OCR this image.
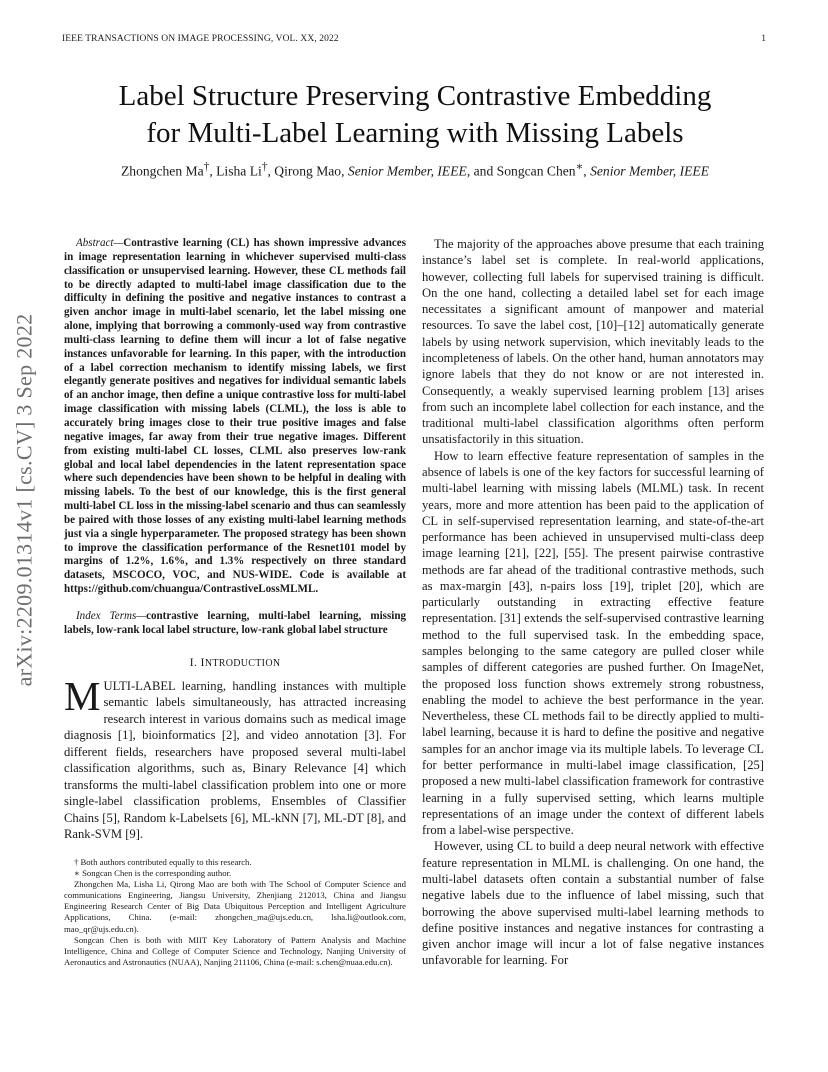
IEEE TRANSACTIONS ON IMAGE PROCESSING, VOL. XX, 2022	1
arXiv:2209.01314v1 [cs.CV] 3 Sep 2022
Label Structure Preserving Contrastive Embedding
for Multi-Label Learning with Missing Labels
Zhongchen Ma†, Lisha Li†, Qirong Mao, Senior Member, IEEE, and Songcan Chen∗, Senior Member, IEEE

Abstract—Contrastive learning (CL) has shown impressive advances in image representation learning in whichever supervised multi-class classification or unsupervised learning. However, these CL methods fail to be directly adapted to multi-label image classification due to the difficulty in defining the positive and negative instances to contrast a given anchor image in multi-label scenario, let the label missing one alone, implying that borrowing a commonly-used way from contrastive multi-class learning to define them will incur a lot of false negative instances unfavorable for learning. In this paper, with the introduction of a label correction mechanism to identify missing labels, we first elegantly generate positives and negatives for individual semantic labels of an anchor image, then define a unique contrastive loss for multi-label image classification with missing labels (CLML), the loss is able to accurately bring images close to their true positive images and false negative images, far away from their true negative images. Different from existing multi-label CL losses, CLML also preserves low-rank global and local label dependencies in the latent representation space where such dependencies have been shown to be helpful in dealing with missing labels. To the best of our knowledge, this is the first general multi-label CL loss in the missing-label scenario and thus can seamlessly be paired with those losses of any existing multi-label learning methods just via a single hyperparameter. The proposed strategy has been shown to improve the classification performance of the Resnet101 model by margins of 1.2%, 1.6%, and 1.3% respectively on three standard datasets, MSCOCO, VOC, and NUS-WIDE. Code is available at https://github.com/chuangua/ContrastiveLossMLML.

Index Terms—contrastive learning, multi-label learning, missing labels, low-rank local label structure, low-rank global label structure

I. INTRODUCTION

MULTI-LABEL learning, handling instances with multiple semantic labels simultaneously, has attracted increasing research interest in various domains such as medical image diagnosis [1], bioinformatics [2], and video annotation [3]. For different fields, researchers have proposed several multi-label classification algorithms, such as, Binary Relevance [4] which transforms the multi-label classification problem into one or more single-label classification problems, Ensembles of Classifier Chains [5], Random k-Labelsets [6], ML-kNN [7], ML-DT [8], and Rank-SVM [9].

† Both authors contributed equally to this research.

∗ Songcan Chen is the corresponding author.

Zhongchen Ma, Lisha Li, Qirong Mao are both with The School of Computer Science and communications Engineering, Jiangsu University, Zhenjiang 212013, China and Jiangsu Engineering Research Center of Big Data Ubiquitous Perception and Intelligent Agriculture Applications, China. (e-mail: zhongchen_ma@ujs.edu.cn, lsha.li@outlook.com, mao_qr@ujs.edu.cn).

Songcan Chen is both with MIIT Key Laboratory of Pattern Analysis and Machine Intelligence, China and College of Computer Science and Technology, Nanjing University of Aeronautics and Astronautics (NUAA), Nanjing 211106, China (e-mail: s.chen@nuaa.edu.cn).

The majority of the approaches above presume that each training instance’s label set is complete. In real-world applications, however, collecting full labels for supervised training is difficult. On the one hand, collecting a detailed label set for each image necessitates a significant amount of manpower and material resources. To save the label cost, [10]–[12] automatically generate labels by using network supervision, which inevitably leads to the incompleteness of labels. On the other hand, human annotators may ignore labels that they do not know or are not interested in. Consequently, a weakly supervised learning problem [13] arises from such an incomplete label collection for each instance, and the traditional multi-label classification algorithms often perform unsatisfactorily in this situation.

How to learn effective feature representation of samples in the absence of labels is one of the key factors for successful learning of multi-label learning with missing labels (MLML) task. In recent years, more and more attention has been paid to the application of CL in self-supervised representation learning, and state-of-the-art performance has been achieved in unsupervised multi-class deep image learning [21], [22], [55]. The present pairwise contrastive methods are far ahead of the traditional contrastive methods, such as max-margin [43], n-pairs loss [19], triplet [20], which are particularly outstanding in extracting effective feature representation. [31] extends the self-supervised contrastive learning method to the full supervised task. In the embedding space, samples belonging to the same category are pulled closer while samples of different categories are pushed further. On ImageNet, the proposed loss function shows extremely strong robustness, enabling the model to achieve the best performance in the year. Nevertheless, these CL methods fail to be directly applied to multi-label learning, because it is hard to define the positive and negative samples for an anchor image via its multiple labels. To leverage CL for better performance in multi-label image classification, [25] proposed a new multi-label classification framework for contrastive learning in a fully supervised setting, which learns multiple representations of an image under the context of different labels from a label-wise perspective.

However, using CL to build a deep neural network with effective feature representation in MLML is challenging. On one hand, the multi-label datasets often contain a substantial number of false negative labels due to the influence of label missing, such that borrowing the above supervised multi-label learning methods to define positive instances and negative instances for contrasting a given anchor image will incur a lot of false negative instances unfavorable for learning. For
